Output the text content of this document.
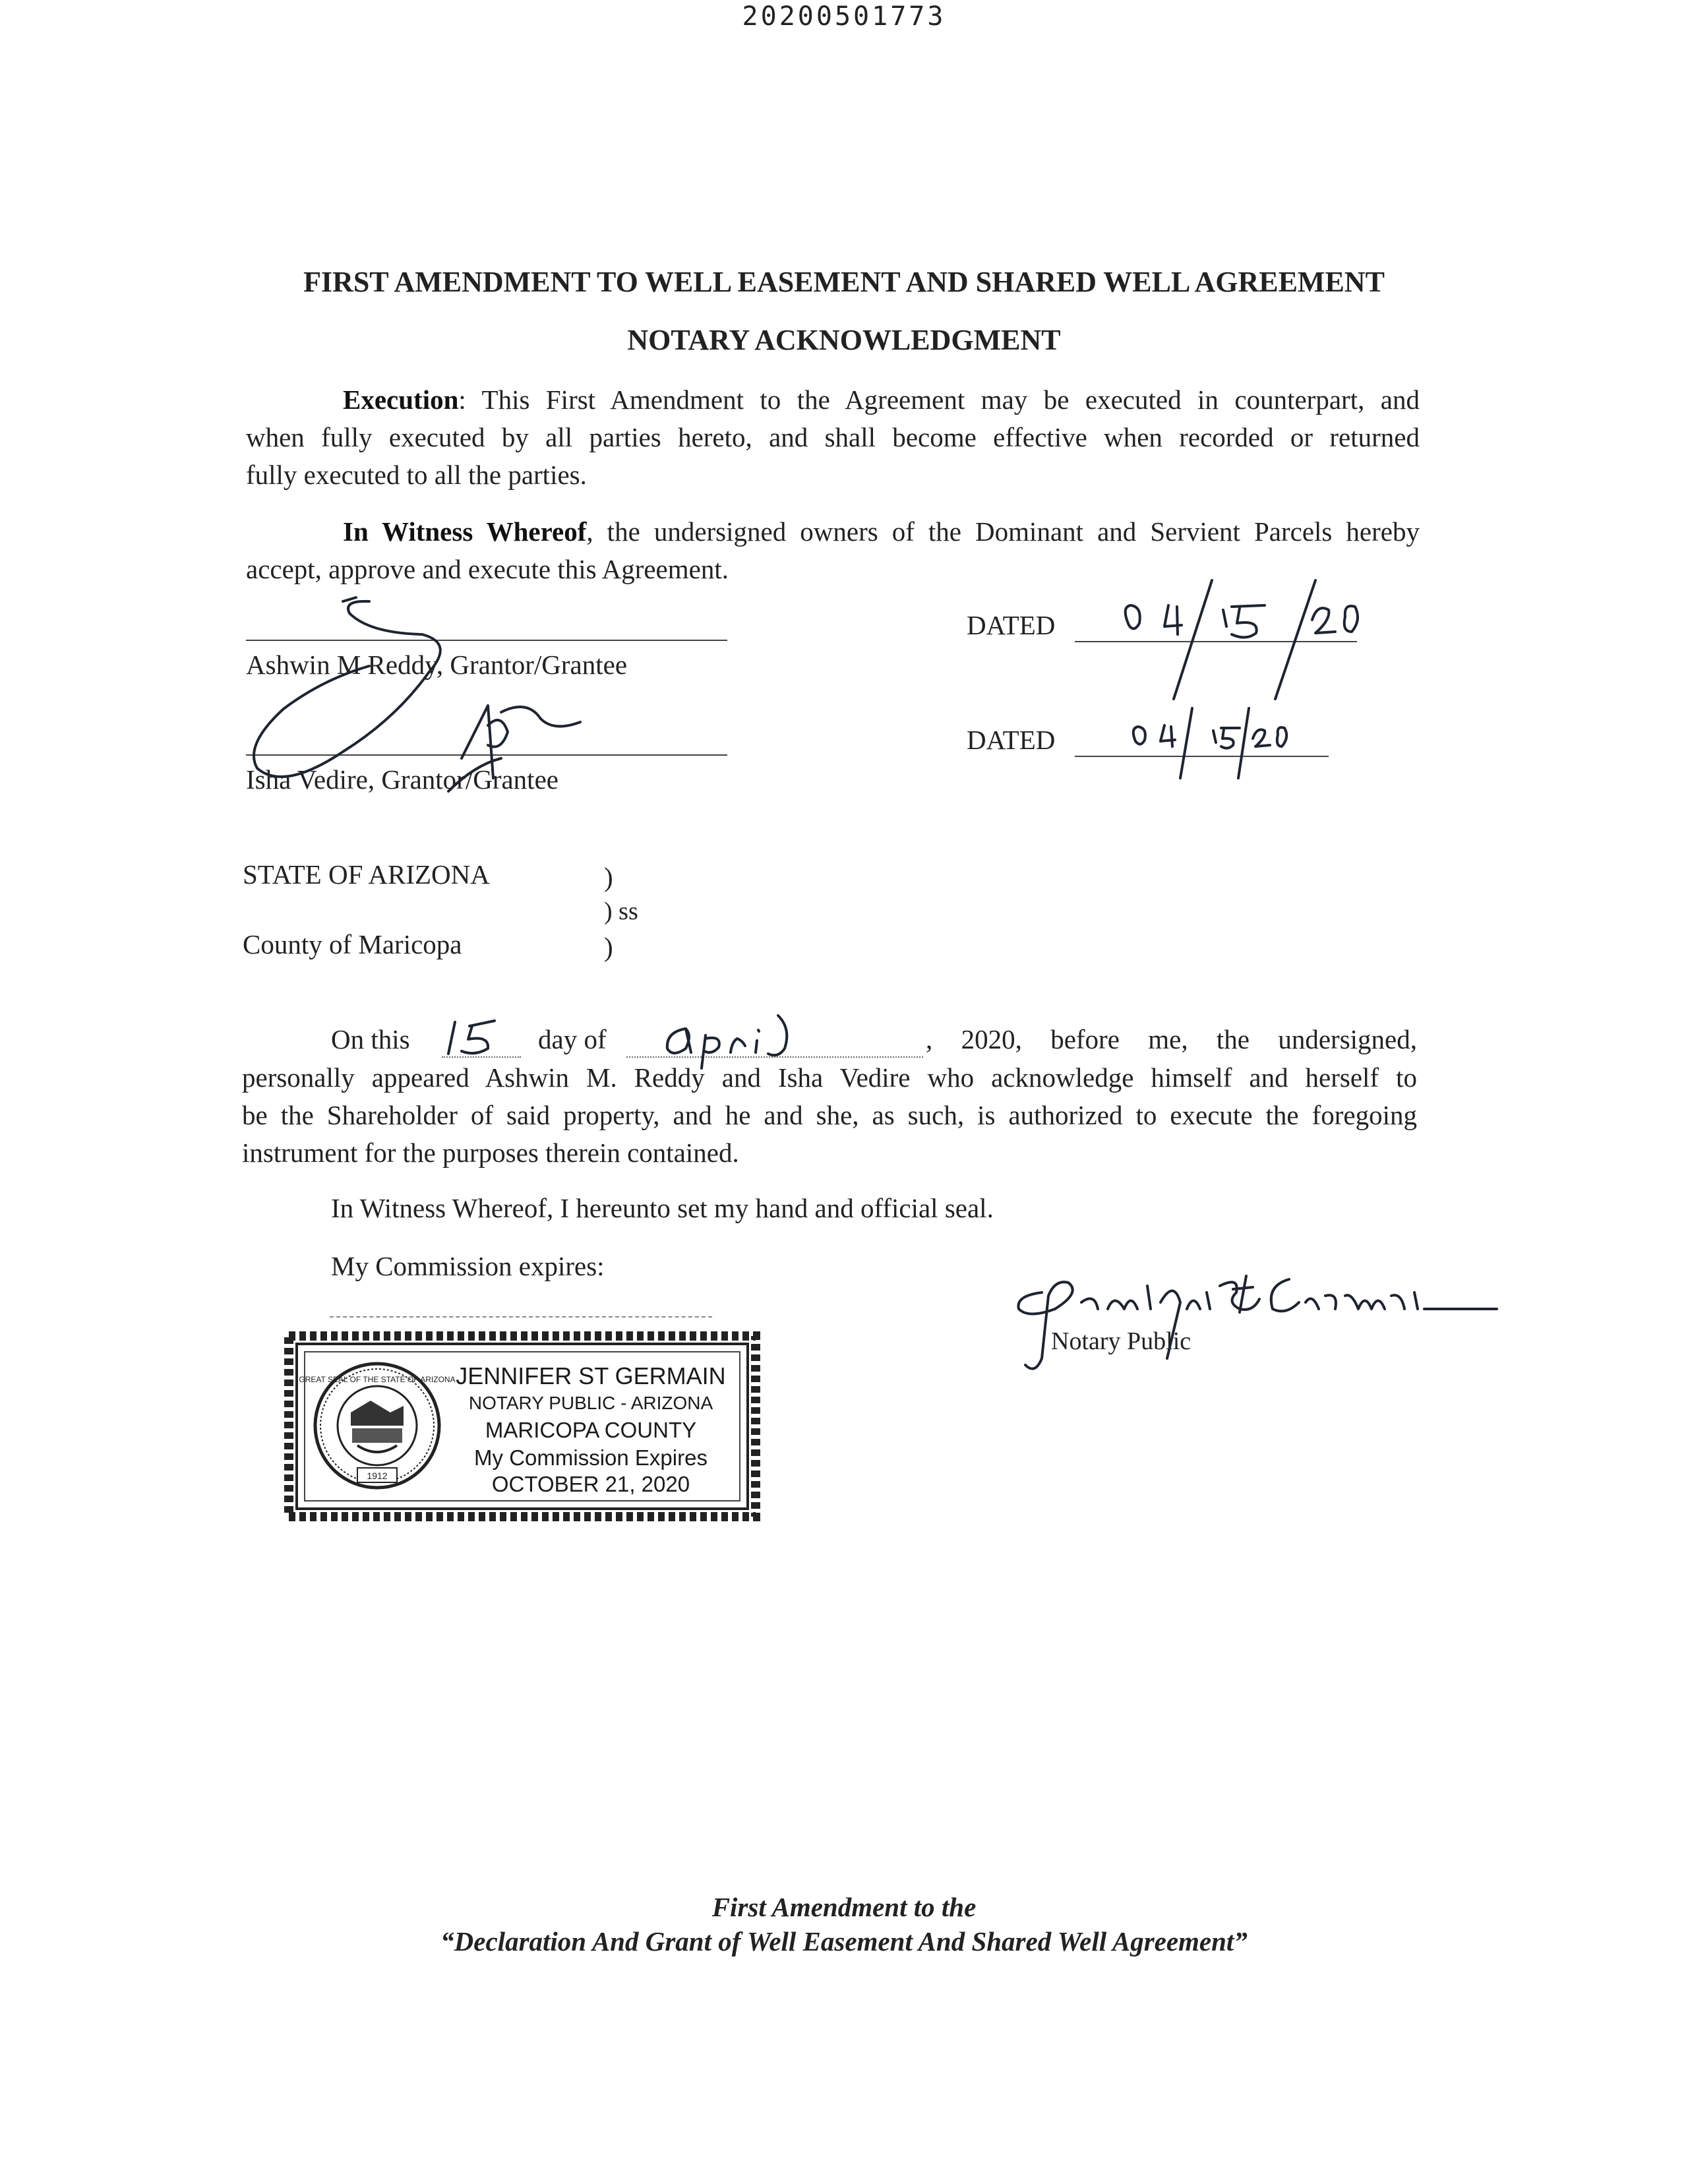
20200501773
FIRST AMENDMENT TO WELL EASEMENT AND SHARED WELL AGREEMENT
NOTARY ACKNOWLEDGMENT
Execution: This First Amendment to the Agreement may be executed in counterpart, and
when fully executed by all parties hereto, and shall become effective when recorded or returned
fully executed to all the parties.
In Witness Whereof, the undersigned owners of the Dominant and Servient Parcels hereby
accept, approve and execute this Agreement.
Ashwin M Reddy, Grantor/Grantee
Isha Vedire, Grantor/Grantee
DATED
DATED
STATE OF ARIZONA	)
) ss
County of Maricopa	)
On this	day of	, 2020, before me, the undersigned,
personally appeared Ashwin M. Reddy and Isha Vedire who acknowledge himself and herself to
be the Shareholder of said property, and he and she, as such, is authorized to execute the foregoing
instrument for the purposes therein contained.
In Witness Whereof, I hereunto set my hand and official seal.
My Commission expires:
Notary Public
1912
GREAT SEAL OF THE STATE OF ARIZONA JENNIFER ST GERMAIN
NOTARY PUBLIC - ARIZONA
MARICOPA COUNTY
My Commission Expires
OCTOBER 21, 2020
First Amendment to the
“Declaration And Grant of Well Easement And Shared Well Agreement”
